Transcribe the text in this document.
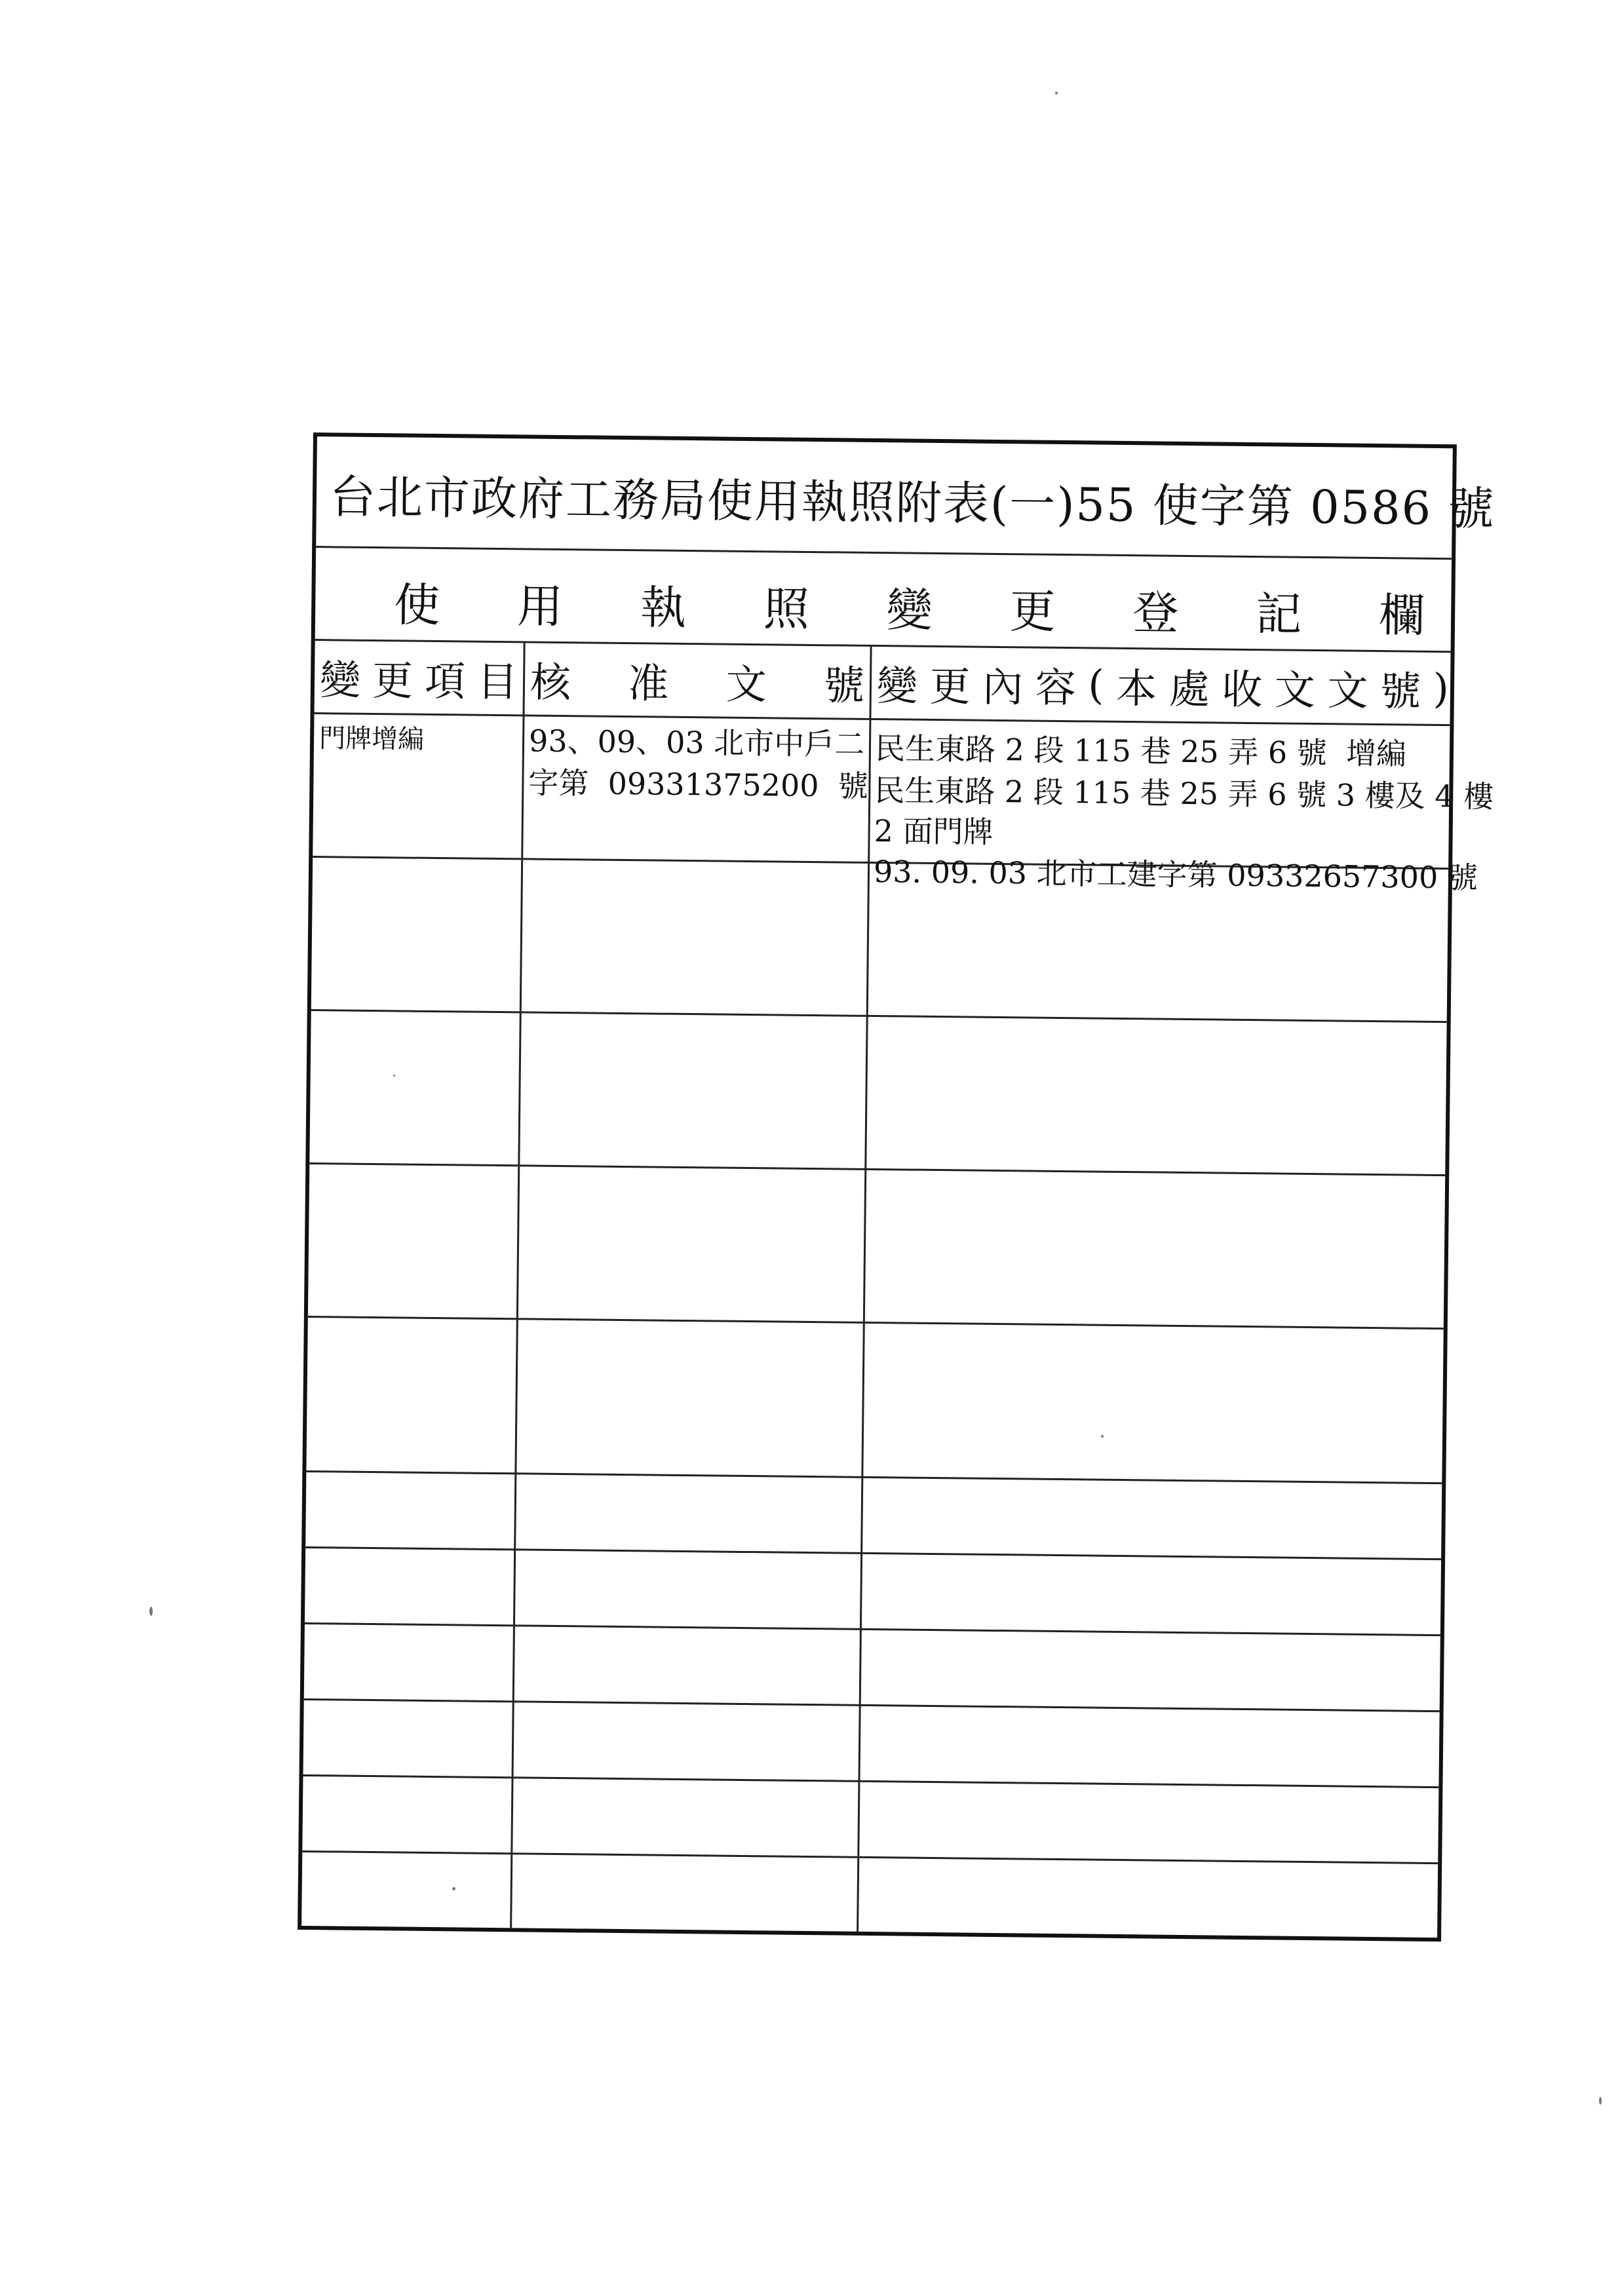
台北市政府工務局使用執照附表(一)55 使字第 0586 號
使 用 執 照 變 更 登 記 欄
變 更 項 目 核 准 文 號 變 更 內 容 ( 本 處 收 文 文 號 )
門牌增編	93、09、03 北市中戶二
字第  09331375200  號
民生東路 2 段 115 巷 25 弄 6 號  增編
民生東路 2 段 115 巷 25 弄 6 號 3 樓及 4 樓
2 面門牌
93. 09. 03 北市工建字第 09332657300 號
